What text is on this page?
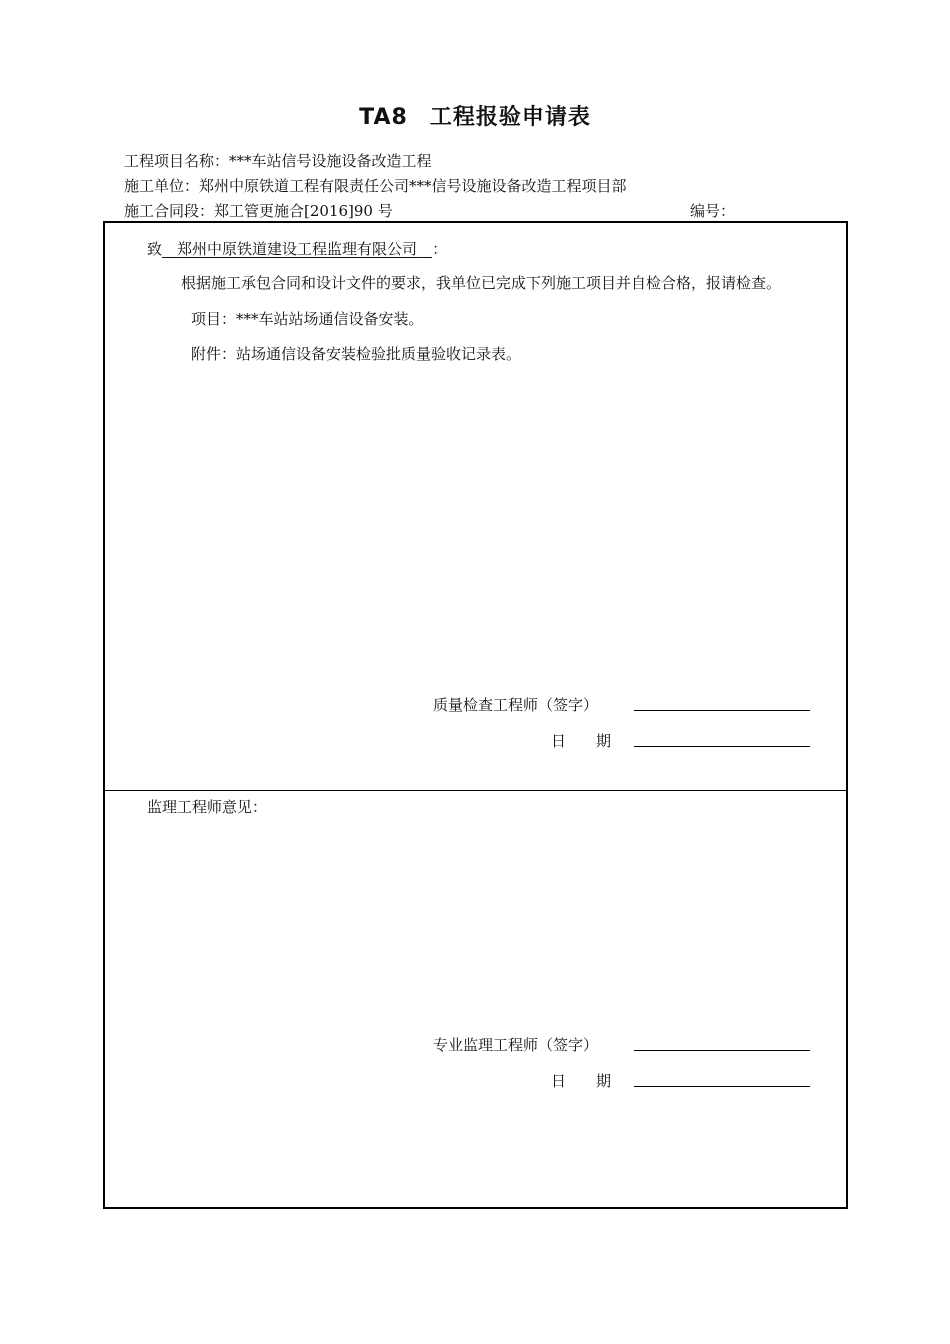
TA8 工程报验申请表
工程项目名称：***车站信号设施设备改造工程
施工单位：郑州中原铁道工程有限责任公司***信号设施设备改造工程项目部
施工合同段：郑工管更施合[2016]90 号	编号：
致　 郑州中原铁道建设工程监理有限公司　 ：
根据施工承包合同和设计文件的要求，我单位已完成下列施工项目并自检合格，报请检查。
项目：***车站站场通信设备安装。
附件：站场通信设备安装检验批质量验收记录表。
质量检查工程师（签字）
日　　期
监理工程师意见：
专业监理工程师（签字）
日　　期
